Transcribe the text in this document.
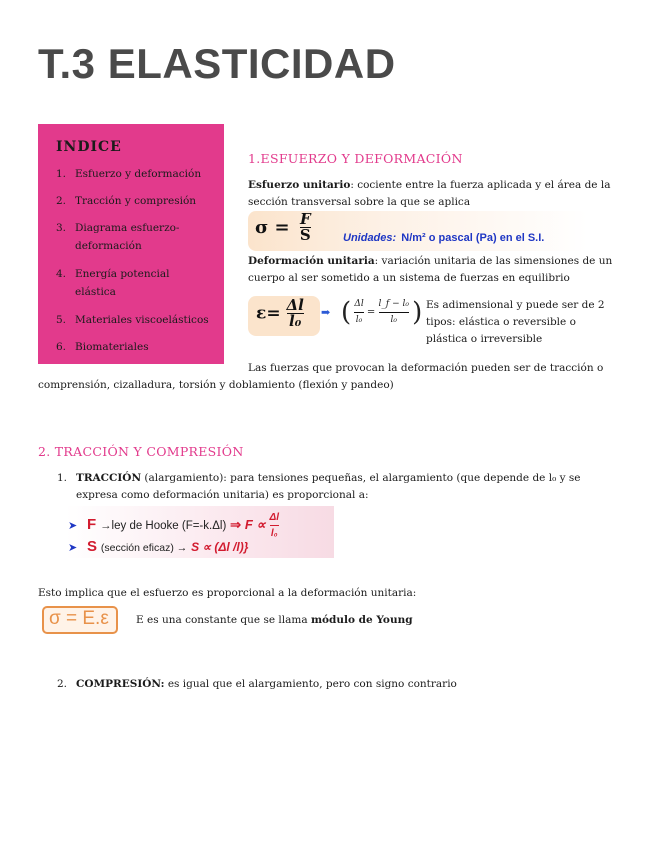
T.3 ELASTICIDAD
INDICE
1. Esfuerzo y deformación
2. Tracción y compresión
3. Diagrama esfuerzo-deformación
4. Energía potencial elástica
5. Materiales viscoelásticos
6. Biomateriales
1.ESFUERZO Y DEFORMACIÓN
Esfuerzo unitario: cociente entre la fuerza aplicada y el área de la sección transversal sobre la que se aplica
$\sigma = \frac{F}{S}$	Unidades: N/m² o pascal (Pa) en el S.I.
Deformación unitaria: variación unitaria de las simensiones de un cuerpo al ser sometido a un sistema de fuerzas en equilibrio
$\varepsilon= \frac{\Delta l}{\text{l₀}}$ ➡ ( $\frac{\Delta l}{\text{l₀}} = \frac{\text{l\_f − l₀}}{\text{l₀}}$ ) Es adimensional y puede ser de 2 tipos: elástica o reversible o plástica o irreversible
Las fuerzas que provocan la deformación pueden ser de tracción o comprensión, cizalladura, torsión y doblamiento (flexión y pandeo)
2. TRACCIÓN Y COMPRESIÓN
1. TRACCIÓN (alargamiento): para tensiones pequeñas, el alargamiento (que depende de l₀ y se expresa como deformación unitaria) es proporcional a:
➤ F →ley de Hooke (F=-k.Δl) ⇒ $F \propto \frac{\Delta l}{\text{l₀}}$
➤ S (sección eficaz) → S ∝ (Δl /l)}
Esto implica que el esfuerzo es proporcional a la deformación unitaria:
σ = E.ε	E es una constante que se llama módulo de Young
2. COMPRESIÓN: es igual que el alargamiento, pero con signo contrario
